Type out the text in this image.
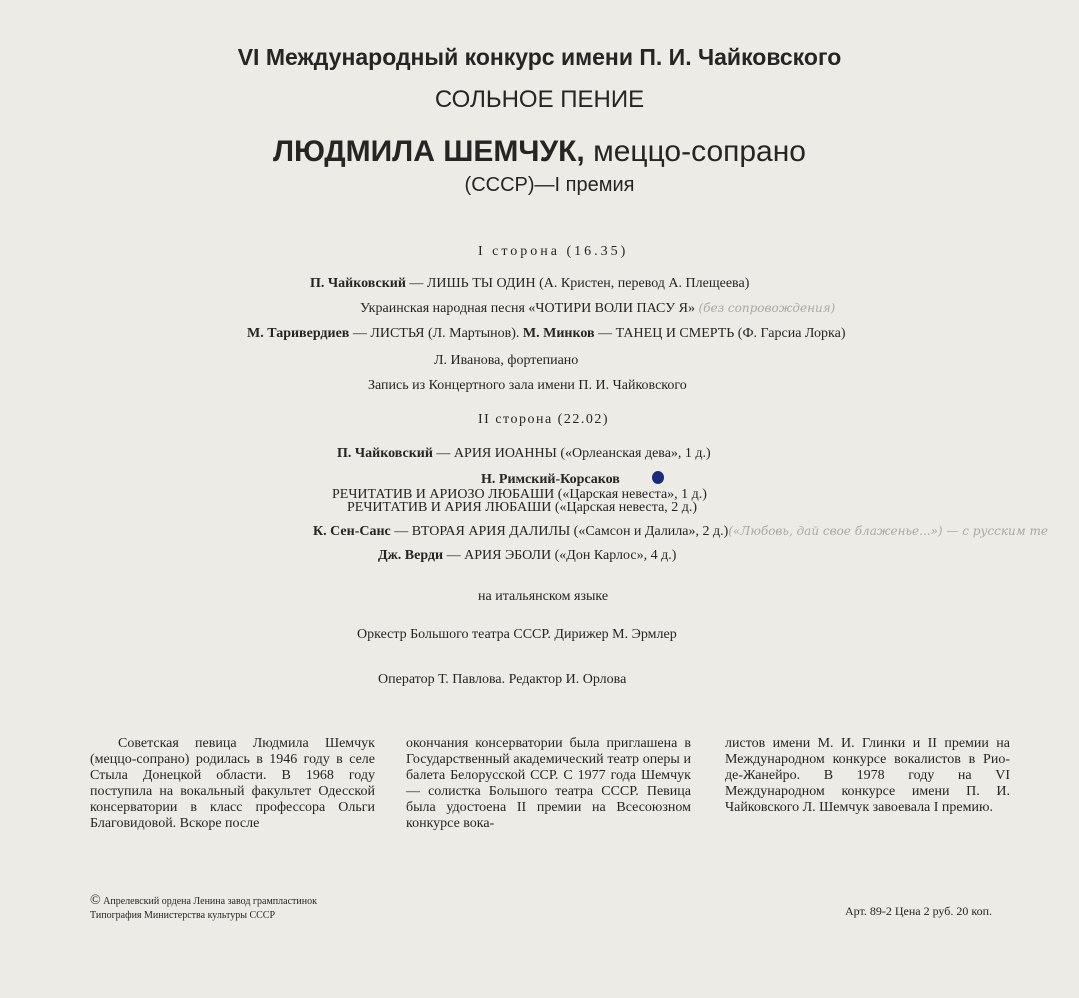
VI Международный конкурс имени П. И. Чайковского
СОЛЬНОЕ ПЕНИЕ
ЛЮДМИЛА ШЕМЧУК, меццо-сопрано
(СССР)—I премия
I сторона (16.35)
П. Чайковский — ЛИШЬ ТЫ ОДИН (А. Кристен, перевод А. Плещеева)
Украинская народная песня «ЧОТИРИ ВОЛИ ПАСУ Я» (без сопровождения)
М. Таривердиев — ЛИСТЬЯ (Л. Мартынов). М. Минков — ТАНЕЦ И СМЕРТЬ (Ф. Гарсиа Лорка)
Л. Иванова, фортепиано
Запись из Концертного зала имени П. И. Чайковского
II сторона (22.02)
П. Чайковский — АРИЯ ИОАННЫ («Орлеанская дева», 1 д.)
Н. Римский-Корсаков
РЕЧИТАТИВ И АРИОЗО ЛЮБАШИ («Царская невеста», 1 д.)
РЕЧИТАТИВ И АРИЯ ЛЮБАШИ («Царская невеста, 2 д.)
К. Сен-Санс — ВТОРАЯ АРИЯ ДАЛИЛЫ («Самсон и Далила», 2 д.)(«Любовь, дай свое блаженье...») — с русским те
Дж. Верди — АРИЯ ЭБОЛИ («Дон Карлос», 4 д.)
на итальянском языке
Оркестр Большого театра СССР. Дирижер М. Эрмлер
Оператор Т. Павлова. Редактор И. Орлова
Советская певица Людмила Шемчук (меццо-сопрано) родилась в 1946 году в селе Стыла Донецкой области. В 1968 году поступила на вокальный факультет Одесской консерватории в класс профессора Ольги Благовидовой. Вскоре после
окончания консерватории была приглашена в Государственный академический театр оперы и балета Белорусской ССР. С 1977 года Шемчук — солистка Большого театра СССР. Певица была удостоена II премии на Всесоюзном конкурсе вока-
листов имени М. И. Глинки и II премии на Международном конкурсе вокалистов в Рио-де-Жанейро. В 1978 году на VI Международном конкурсе имени П. И. Чайковского Л. Шемчук завоевала I премию.
© Апрелевский ордена Ленина завод грампластинок
Типография Министерства культуры СССР	Арт. 89-2 Цена 2 руб. 20 коп.
